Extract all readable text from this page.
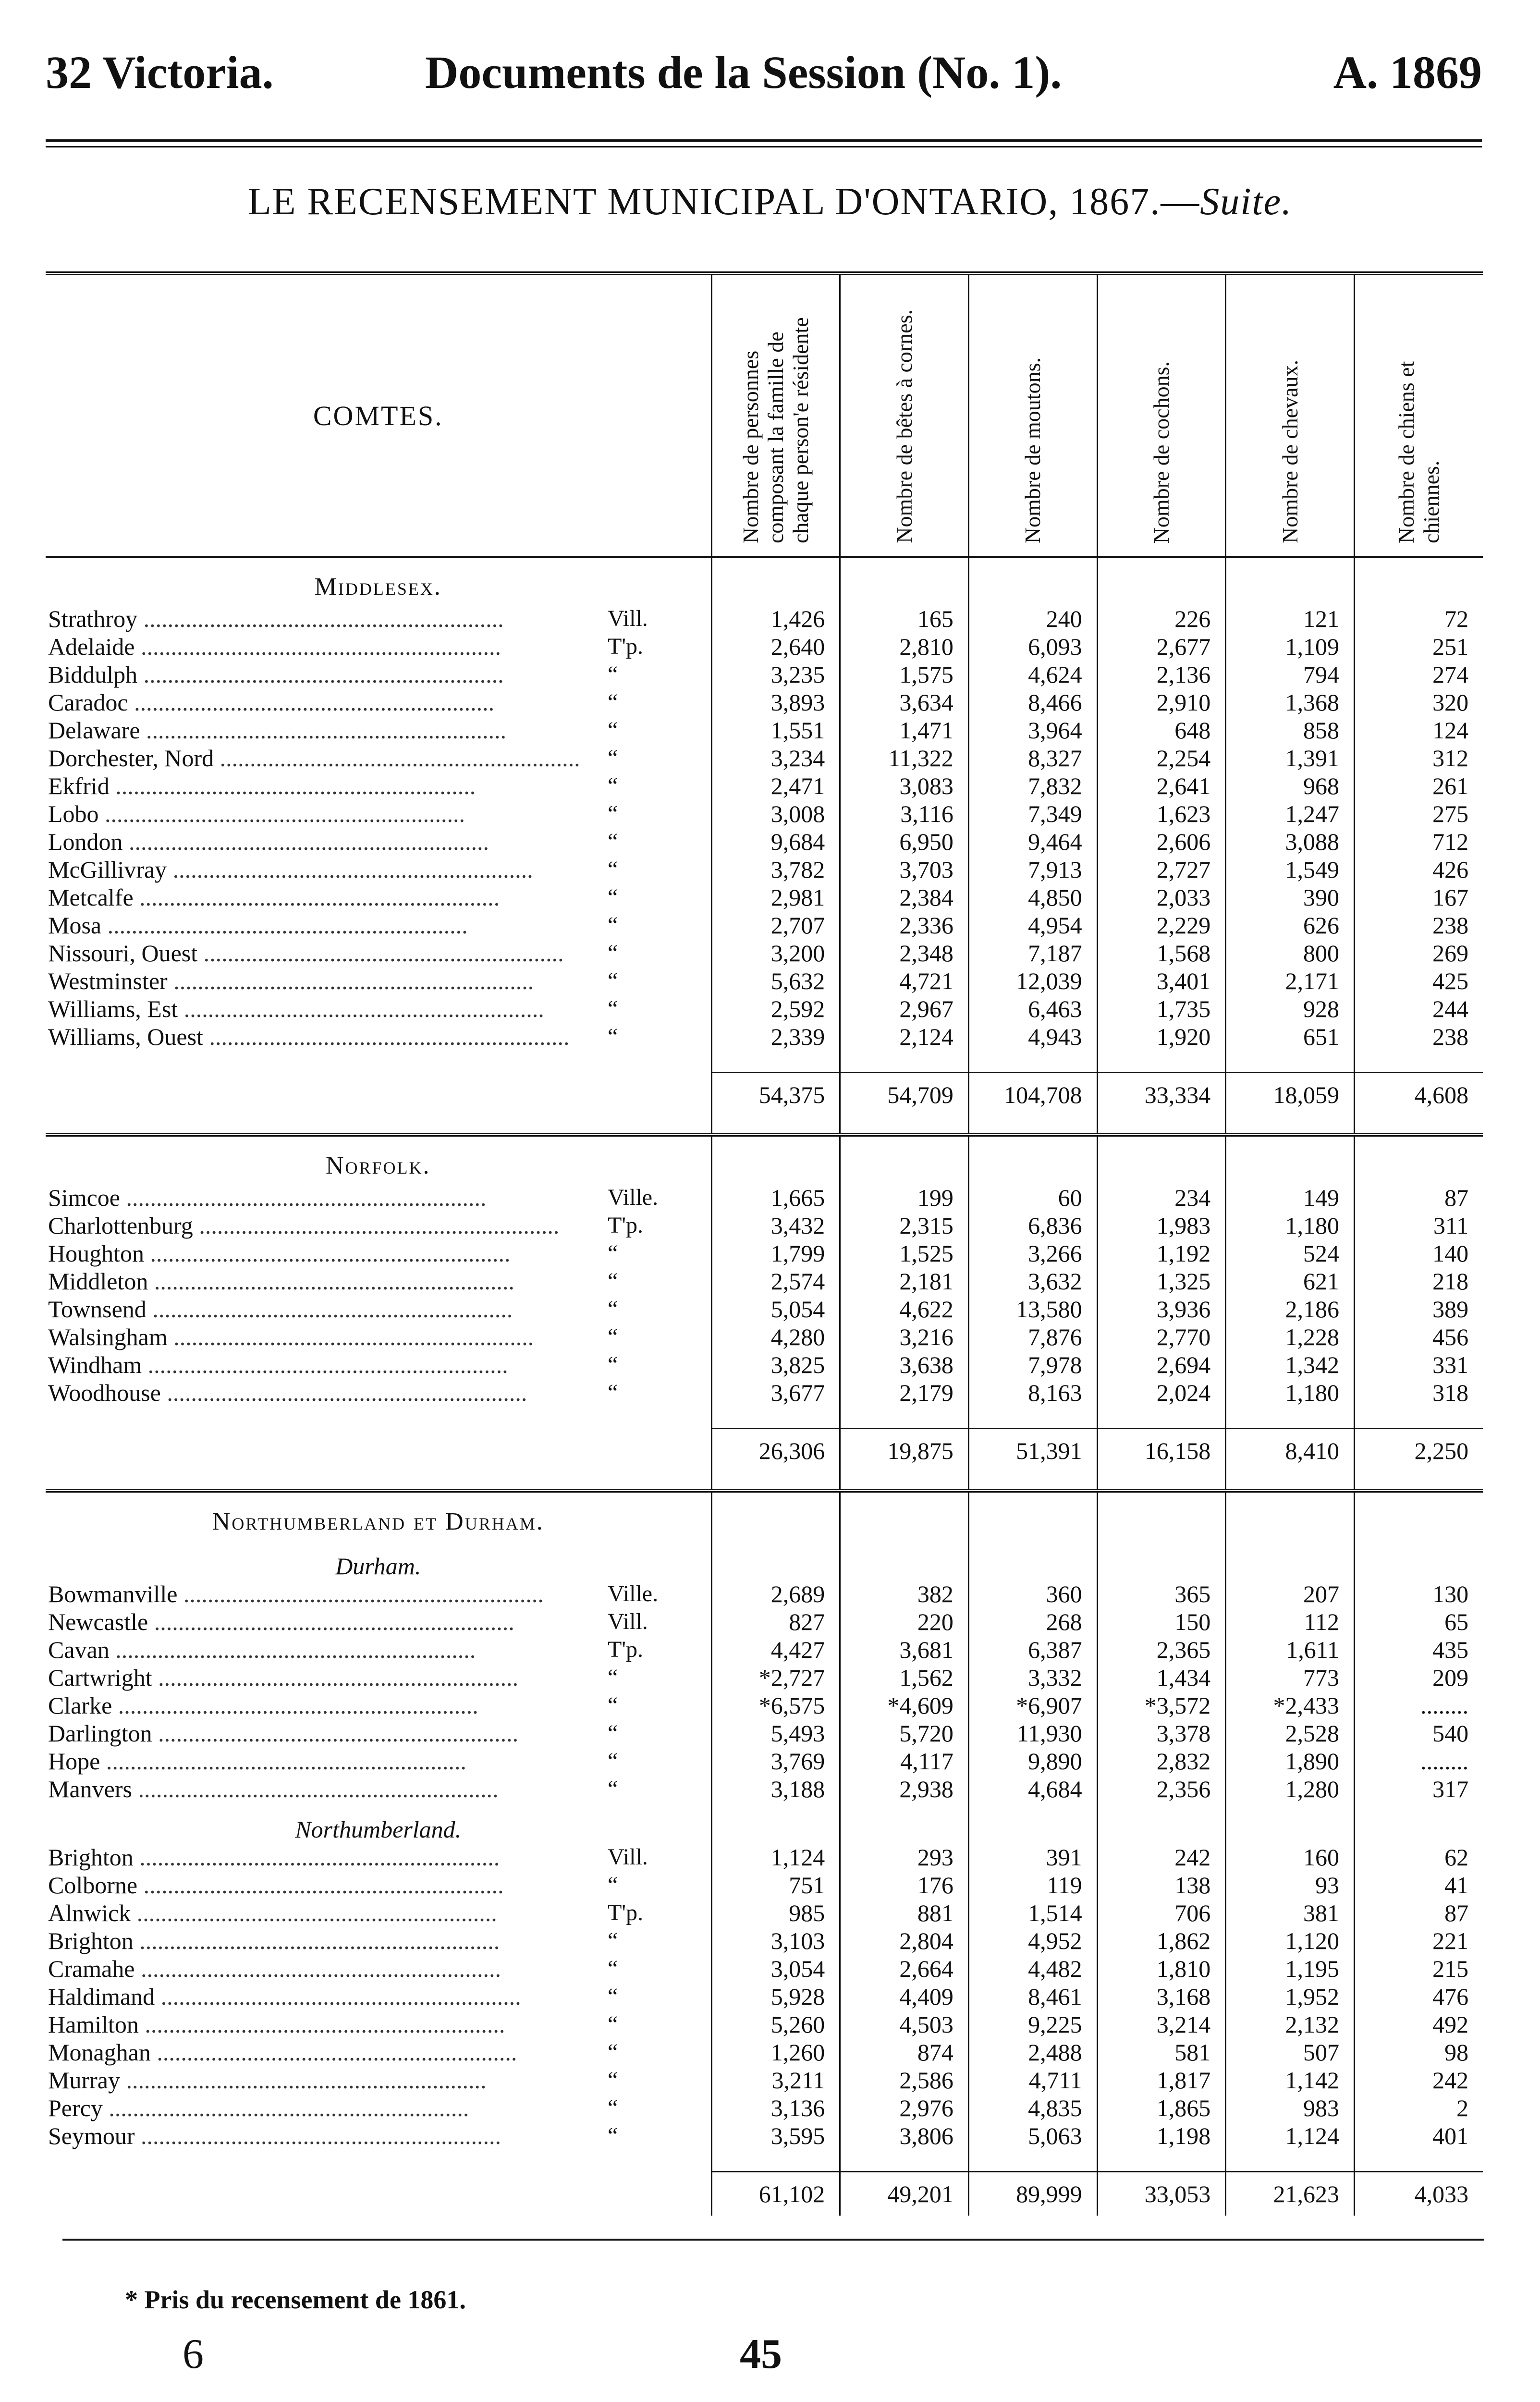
32 Victoria.	Documents de la Session (No. 1).	A. 1869
LE RECENSEMENT MUNICIPAL D'ONTARIO, 1867.—Suite.
COMTES.		Nombre de personnes composant la famille de chaque person'e résidente	Nombre de bêtes à cornes.	Nombre de moutons.	Nombre de cochons.	Nombre de chevaux.	Nombre de chiens et chiennes.
Middlesex.							
Strathroy ............................................................	Vill.	1,426	165	240	226	121	72
Adelaide ............................................................	T'p.	2,640	2,810	6,093	2,677	1,109	251
Biddulph ............................................................	“	3,235	1,575	4,624	2,136	794	274
Caradoc ............................................................	“	3,893	3,634	8,466	2,910	1,368	320
Delaware ............................................................	“	1,551	1,471	3,964	648	858	124
Dorchester, Nord ............................................................	“	3,234	11,322	8,327	2,254	1,391	312
Ekfrid ............................................................	“	2,471	3,083	7,832	2,641	968	261
Lobo ............................................................	“	3,008	3,116	7,349	1,623	1,247	275
London ............................................................	“	9,684	6,950	9,464	2,606	3,088	712
McGillivray ............................................................	“	3,782	3,703	7,913	2,727	1,549	426
Metcalfe ............................................................	“	2,981	2,384	4,850	2,033	390	167
Mosa ............................................................	“	2,707	2,336	4,954	2,229	626	238
Nissouri, Ouest ............................................................	“	3,200	2,348	7,187	1,568	800	269
Westminster ............................................................	“	5,632	4,721	12,039	3,401	2,171	425
Williams, Est ............................................................	“	2,592	2,967	6,463	1,735	928	244
Williams, Ouest ............................................................	“	2,339	2,124	4,943	1,920	651	238

		54,375	54,709	104,708	33,334	18,059	4,608

Norfolk.							
Simcoe ............................................................	Ville.	1,665	199	60	234	149	87
Charlottenburg ............................................................	T'p.	3,432	2,315	6,836	1,983	1,180	311
Houghton ............................................................	“	1,799	1,525	3,266	1,192	524	140
Middleton ............................................................	“	2,574	2,181	3,632	1,325	621	218
Townsend ............................................................	“	5,054	4,622	13,580	3,936	2,186	389
Walsingham ............................................................	“	4,280	3,216	7,876	2,770	1,228	456
Windham ............................................................	“	3,825	3,638	7,978	2,694	1,342	331
Woodhouse ............................................................	“	3,677	2,179	8,163	2,024	1,180	318

		26,306	19,875	51,391	16,158	8,410	2,250

Northumberland et Durham.							
Durham.							
Bowmanville ............................................................	Ville.	2,689	382	360	365	207	130
Newcastle ............................................................	Vill.	827	220	268	150	112	65
Cavan ............................................................	T'p.	4,427	3,681	6,387	2,365	1,611	435
Cartwright ............................................................	“	*2,727	1,562	3,332	1,434	773	209
Clarke ............................................................	“	*6,575	*4,609	*6,907	*3,572	*2,433	........
Darlington ............................................................	“	5,493	5,720	11,930	3,378	2,528	540
Hope ............................................................	“	3,769	4,117	9,890	2,832	1,890	........
Manvers ............................................................	“	3,188	2,938	4,684	2,356	1,280	317
Northumberland.							
Brighton ............................................................	Vill.	1,124	293	391	242	160	62
Colborne ............................................................	“	751	176	119	138	93	41
Alnwick ............................................................	T'p.	985	881	1,514	706	381	87
Brighton ............................................................	“	3,103	2,804	4,952	1,862	1,120	221
Cramahe ............................................................	“	3,054	2,664	4,482	1,810	1,195	215
Haldimand ............................................................	“	5,928	4,409	8,461	3,168	1,952	476
Hamilton ............................................................	“	5,260	4,503	9,225	3,214	2,132	492
Monaghan ............................................................	“	1,260	874	2,488	581	507	98
Murray ............................................................	“	3,211	2,586	4,711	1,817	1,142	242
Percy ............................................................	“	3,136	2,976	4,835	1,865	983	2
Seymour ............................................................	“	3,595	3,806	5,063	1,198	1,124	401

		61,102	49,201	89,999	33,053	21,623	4,033
* Pris du recensement de 1861.
6	45
